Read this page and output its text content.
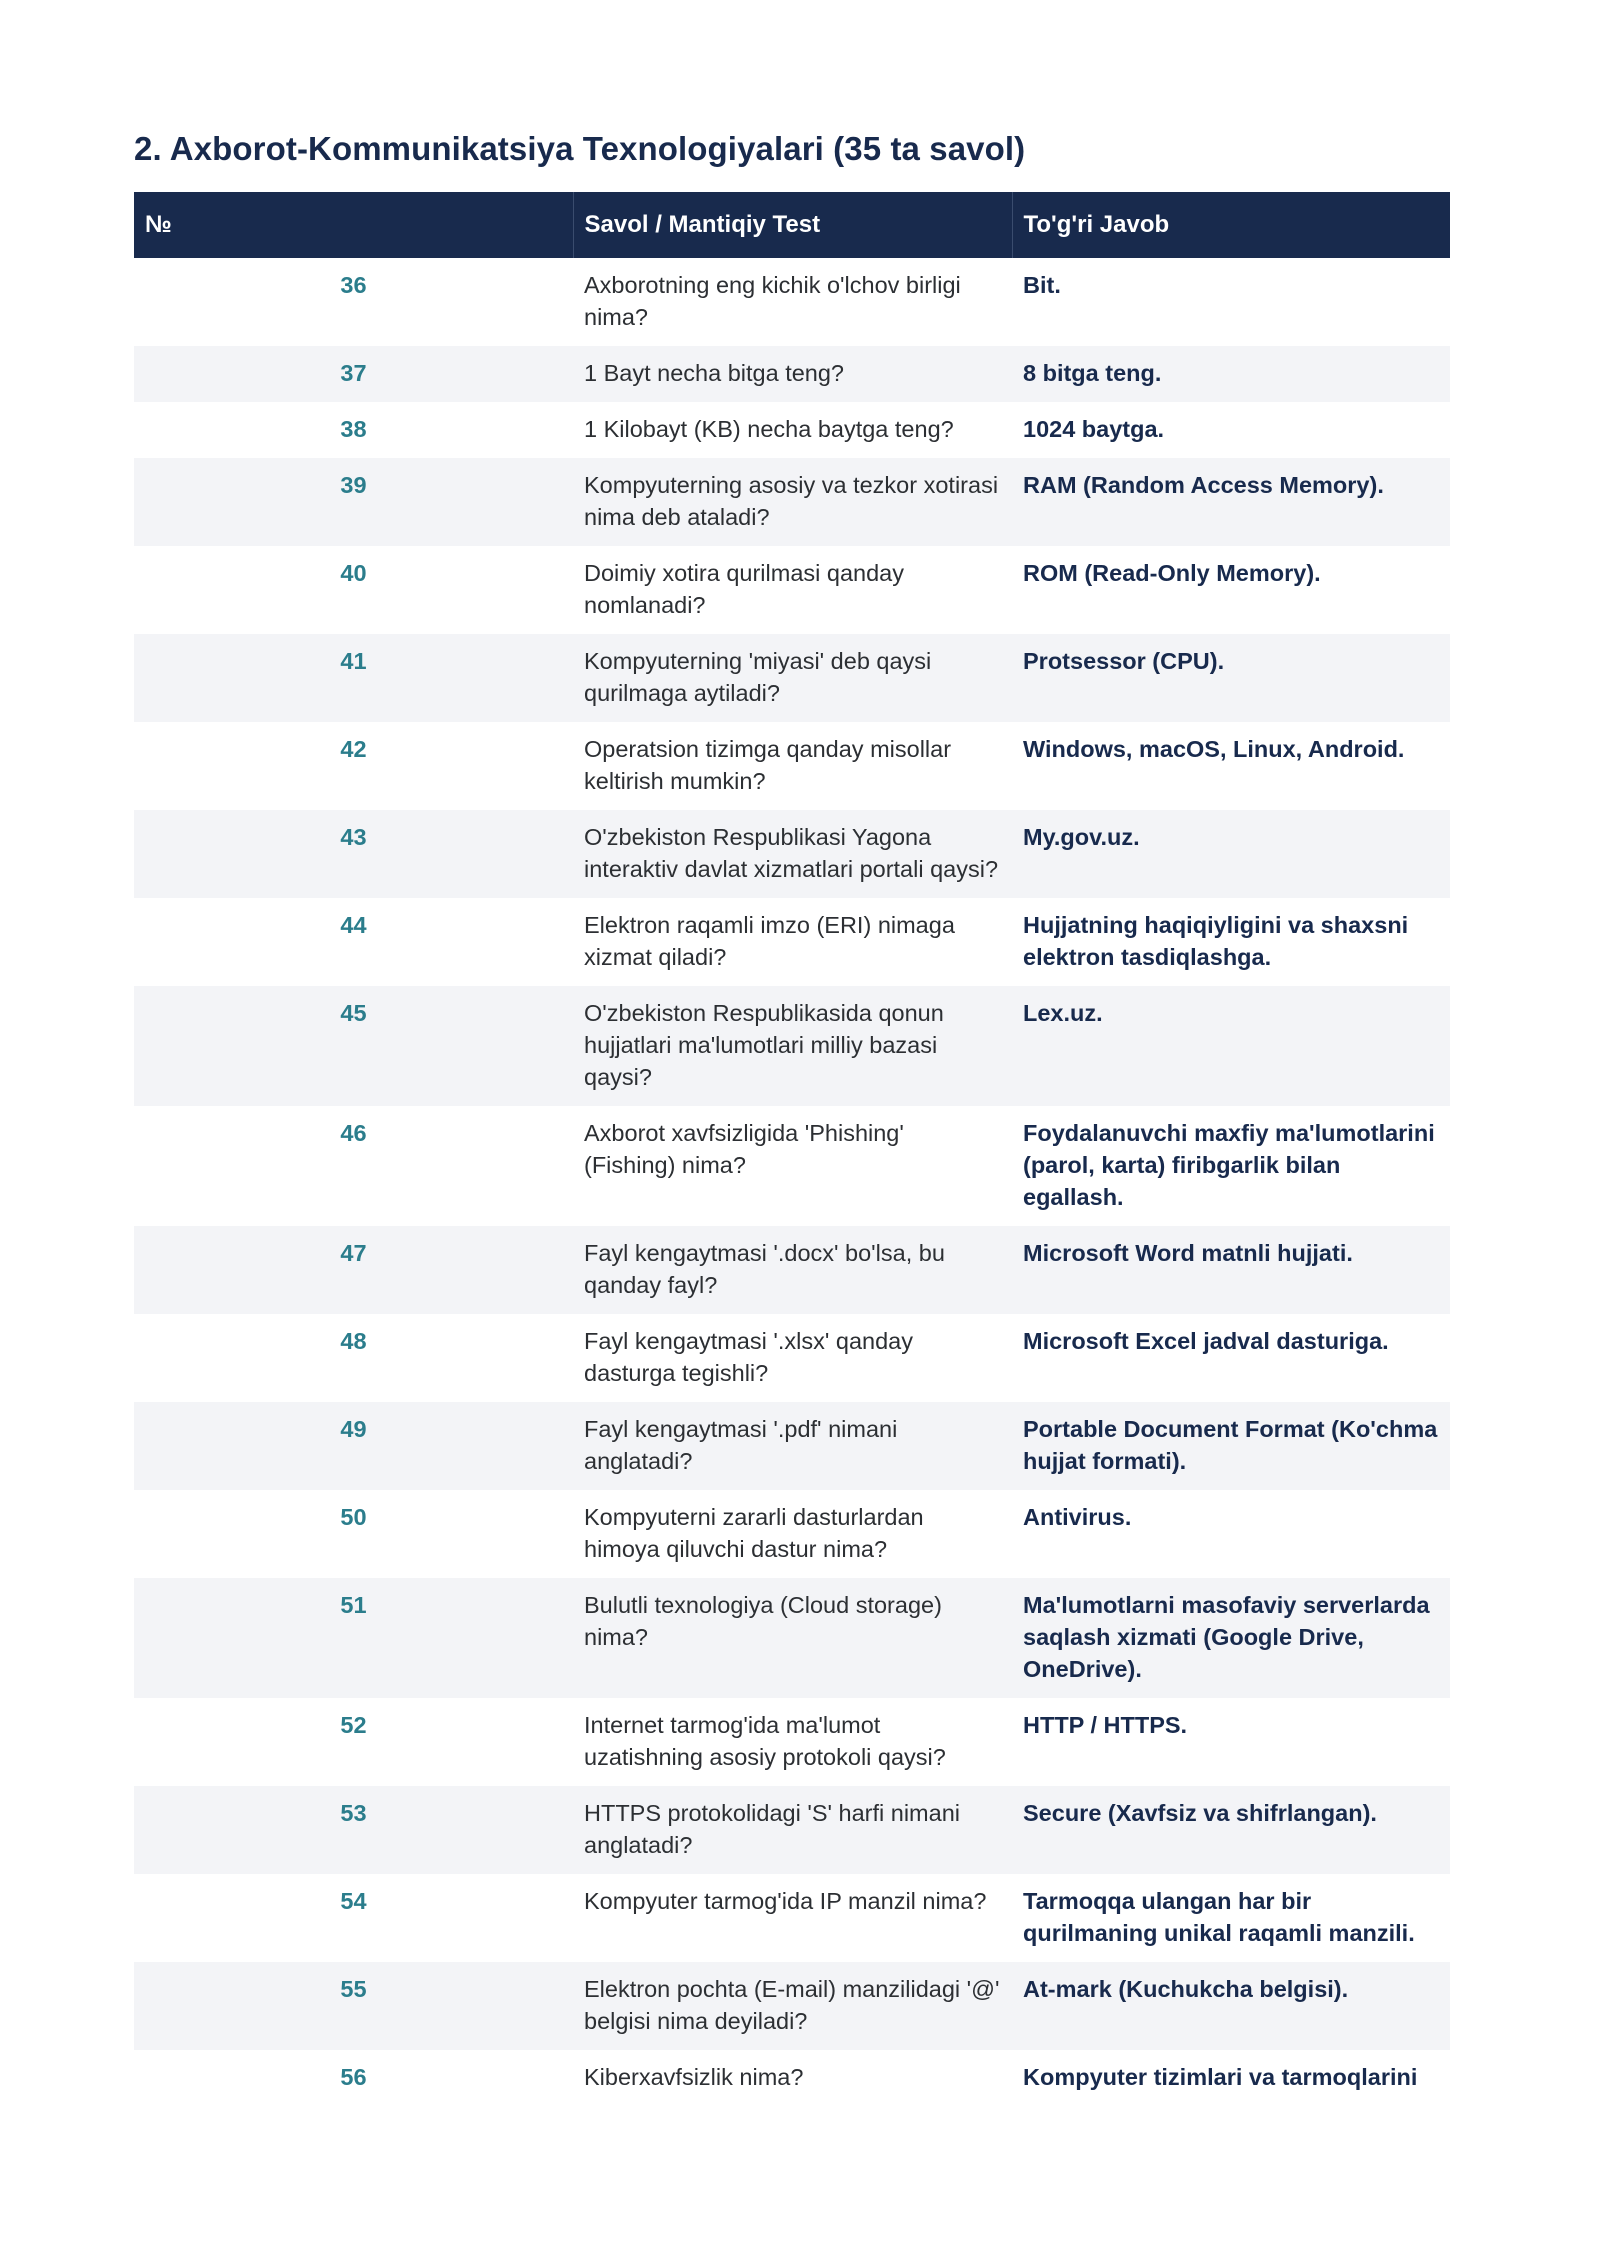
2. Axborot-Kommunikatsiya Texnologiyalari (35 ta savol)
№	Savol / Mantiqiy Test	To'g'ri Javob
36	Axborotning eng kichik o'lchov birligi nima?	Bit.
37	1 Bayt necha bitga teng?	8 bitga teng.
38	1 Kilobayt (KB) necha baytga teng?	1024 baytga.
39	Kompyuterning asosiy va tezkor xotirasi nima deb ataladi?	RAM (Random Access Memory).
40	Doimiy xotira qurilmasi qanday nomlanadi?	ROM (Read-Only Memory).
41	Kompyuterning 'miyasi' deb qaysi qurilmaga aytiladi?	Protsessor (CPU).
42	Operatsion tizimga qanday misollar keltirish mumkin?	Windows, macOS, Linux, Android.
43	O'zbekiston Respublikasi Yagona interaktiv davlat xizmatlari portali qaysi?	My.gov.uz.
44	Elektron raqamli imzo (ERI) nimaga xizmat qiladi?	Hujjatning haqiqiyligini va shaxsni elektron tasdiqlashga.
45	O'zbekiston Respublikasida qonun hujjatlari ma'lumotlari milliy bazasi qaysi?	Lex.uz.
46	Axborot xavfsizligida 'Phishing' (Fishing) nima?	Foydalanuvchi maxfiy ma'lumotlarini (parol, karta) firibgarlik bilan egallash.
47	Fayl kengaytmasi '.docx' bo'lsa, bu qanday fayl?	Microsoft Word matnli hujjati.
48	Fayl kengaytmasi '.xlsx' qanday dasturga tegishli?	Microsoft Excel jadval dasturiga.
49	Fayl kengaytmasi '.pdf' nimani anglatadi?	Portable Document Format (Ko'chma hujjat formati).
50	Kompyuterni zararli dasturlardan himoya qiluvchi dastur nima?	Antivirus.
51	Bulutli texnologiya (Cloud storage) nima?	Ma'lumotlarni masofaviy serverlarda saqlash xizmati (Google Drive, OneDrive).
52	Internet tarmog'ida ma'lumot uzatishning asosiy protokoli qaysi?	HTTP / HTTPS.
53	HTTPS protokolidagi 'S' harfi nimani anglatadi?	Secure (Xavfsiz va shifrlangan).
54	Kompyuter tarmog'ida IP manzil nima?	Tarmoqqa ulangan har bir qurilmaning unikal raqamli manzili.
55	Elektron pochta (E-mail) manzilidagi '@' belgisi nima deyiladi?	At-mark (Kuchukcha belgisi).
56	Kiberxavfsizlik nima?	Kompyuter tizimlari va tarmoqlarini
